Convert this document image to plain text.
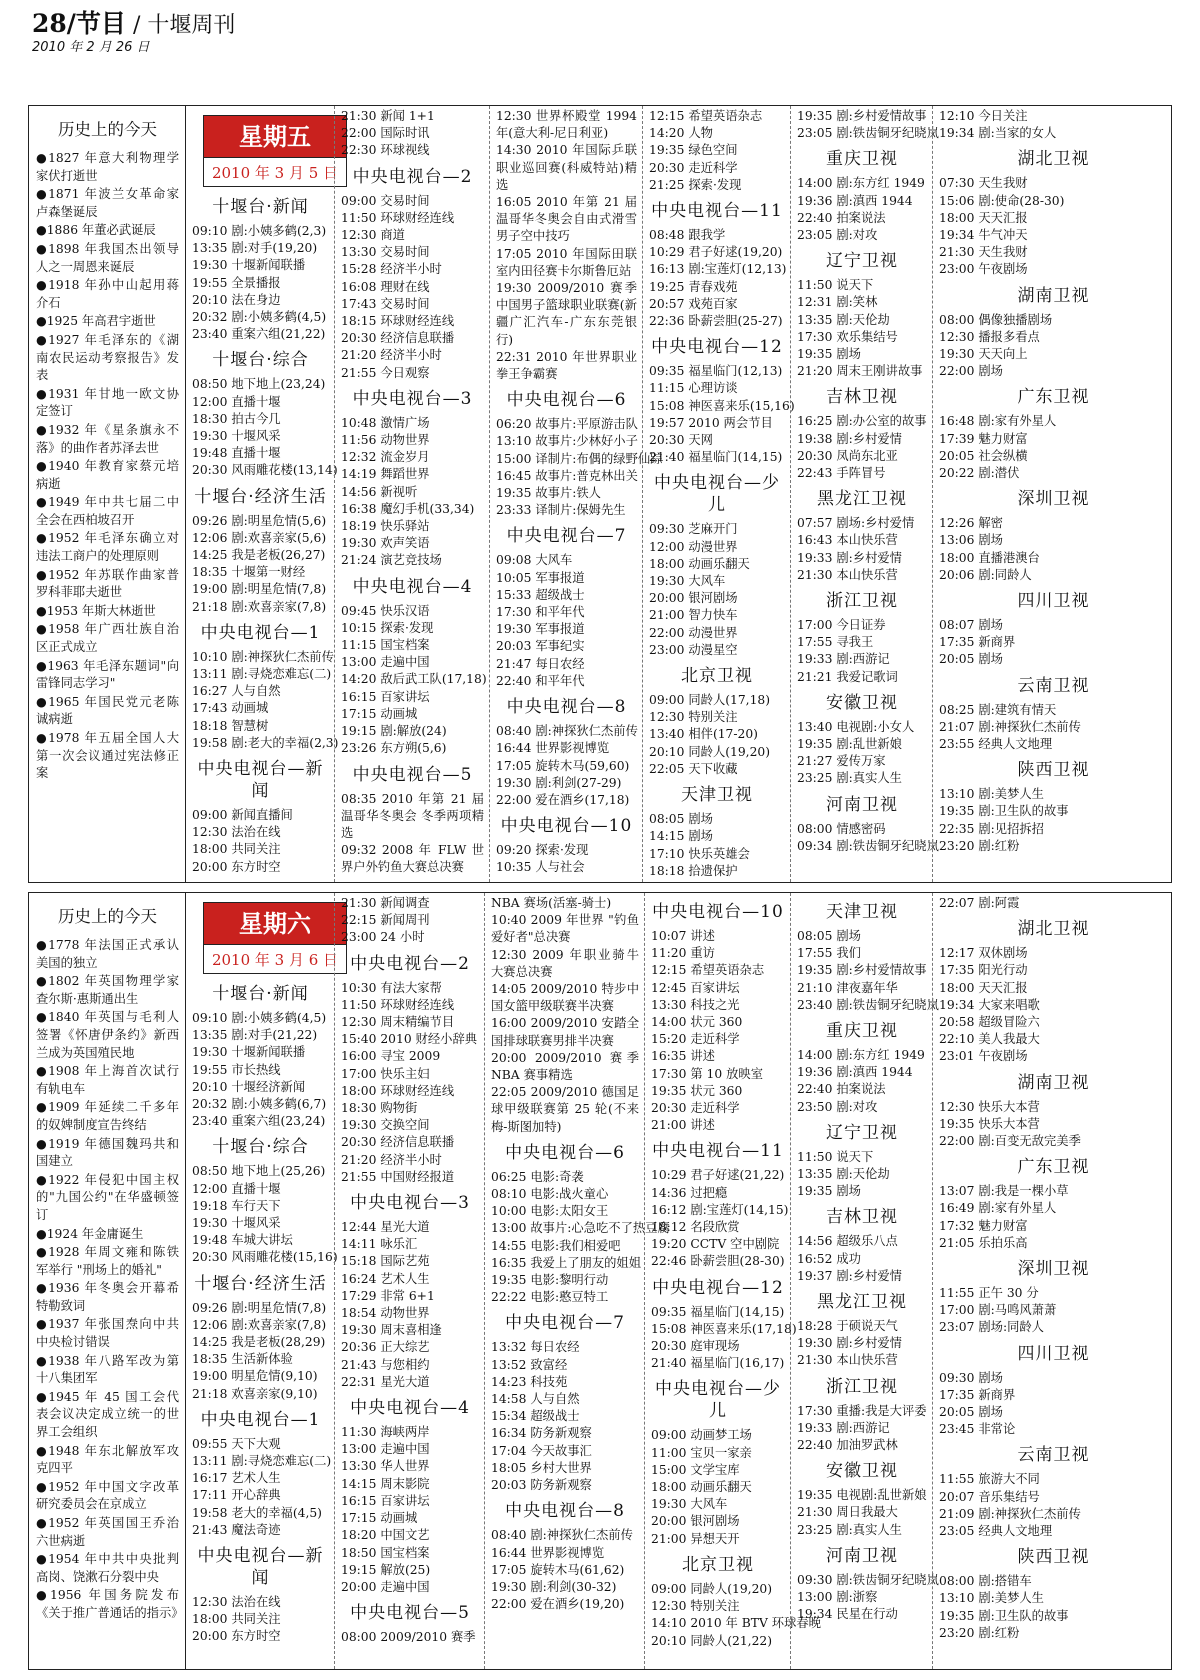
28/节目 / 十堰周刊
2010 年 2 月 26 日
历史上的今天
●1827 年意大利物理学家伏打逝世
●1871 年波兰女革命家卢森堡诞辰
●1886 年董必武诞辰
●1898 年我国杰出领导人之一周恩来诞辰
●1918 年孙中山起用蒋介石
●1925 年高君宇逝世
●1927 年毛泽东的《湖南农民运动考察报告》发表
●1931 年甘地一欧文协定签订
●1932 年《星条旗永不落》的曲作者苏泽去世
●1940 年教育家蔡元培病逝
●1949 年中共七届二中全会在西柏坡召开
●1952 年毛泽东确立对违法工商户的处理原则
●1952 年苏联作曲家普罗科菲耶夫逝世
●1953 年斯大林逝世
●1958 年广西壮族自治区正式成立
●1963 年毛泽东题词"向雷锋同志学习"
●1965 年国民党元老陈诚病逝
●1978 年五届全国人大第一次会议通过宪法修正案
星期五
2010 年 3 月 5 日
十堰台·新闻
09:10 剧:小姨多鹤(2,3)
13:35 剧:对手(19,20)
19:30 十堰新闻联播
19:55 全景播报
20:10 法在身边
20:32 剧:小姨多鹤(4,5)
23:40 重案六组(21,22)
十堰台·综合
08:50 地下地上(23,24)
12:00 直播十堰
18:30 拍古今几
19:30 十堰风采
19:48 直播十堰
20:30 风雨雕花楼(13,14)
十堰台·经济生活
09:26 剧:明星危情(5,6)
12:06 剧:欢喜亲家(5,6)
14:25 我是老板(26,27)
18:35 十堰第一财经
19:00 剧:明星危情(7,8)
21:18 剧:欢喜亲家(7,8)
中央电视台—1
10:10 剧:神探狄仁杰前传
13:11 剧:寻烧恋难忘(二)
16:27 人与自然
17:43 动画城
18:18 智慧树
19:58 剧:老大的幸福(2,3)
中央电视台—新闻
09:00 新闻直播间
12:30 法治在线
18:00 共同关注
20:00 东方时空
21:30 新闻 1+1
22:00 国际时讯
22:30 环球视线
中央电视台—2
09:00 交易时间
11:50 环球财经连线
12:30 商道
13:30 交易时间
15:28 经济半小时
16:08 理财在线
17:43 交易时间
18:15 环球财经连线
20:30 经济信息联播
21:20 经济半小时
21:55 今日观察
中央电视台—3
10:48 激情广场
11:56 动物世界
12:32 流金岁月
14:19 舞蹈世界
14:56 新视听
16:38 魔幻手机(33,34)
18:19 快乐驿站
19:30 欢声笑语
21:24 演艺竞技场
中央电视台—4
09:45 快乐汉语
10:15 探索·发现
11:15 国宝档案
13:00 走遍中国
14:20 敌后武工队(17,18)
16:15 百家讲坛
17:15 动画城
19:15 剧:解放(24)
23:26 东方朔(5,6)
中央电视台—5

08:35 2010 年第 21 届温哥华冬奥会 冬季两项精选

09:32 2008 年 FLW 世界户外钓鱼大赛总决赛

12:30 世界杯殿堂 1994 年(意大利-尼日利亚)

14:30 2010 年国际乒联职业巡回赛(科威特站)精选

16:05 2010 年第 21 届温哥华冬奥会自由式滑雪男子空中技巧

17:05 2010 年国际田联室内田径赛卡尔斯鲁厄站

19:30 2009/2010 赛季中国男子篮球职业联赛(新疆广汇汽车-广东东莞银行)

22:31 2010 年世界职业拳王争霸赛

中央电视台—6
06:20 故事片:平原游击队
13:10 故事片:少林好小子
15:00 译制片:布偶的绿野仙踪
16:45 故事片:普克林出关
19:35 故事片:铁人
23:33 译制片:保姆先生
中央电视台—7
09:08 大风车
10:05 军事报道
15:33 超级战士
17:30 和平年代
19:30 军事报道
20:03 军事纪实
21:47 每日农经
22:40 和平年代
中央电视台—8
08:40 剧:神探狄仁杰前传
16:44 世界影视博览
17:05 旋转木马(59,60)
19:30 剧:利剑(27-29)
22:00 爱在酒乡(17,18)
中央电视台—10
09:20 探索·发现
10:35 人与社会
12:15 希望英语杂志
14:20 人物
19:35 绿色空间
20:30 走近科学
21:25 探索·发现
中央电视台—11
08:48 跟我学
10:29 君子好逑(19,20)
16:13 剧:宝莲灯(12,13)
19:25 青春戏苑
20:57 戏苑百家
22:36 卧薪尝胆(25-27)
中央电视台—12
09:35 福星临门(12,13)
11:15 心理访谈
15:08 神医喜来乐(15,16)
19:57 2010 两会节目
20:30 天网
21:40 福星临门(14,15)
中央电视台—少儿
09:30 芝麻开门
12:00 动漫世界
18:00 动画乐翻天
19:30 大风车
20:00 银河剧场
21:00 智力快车
22:00 动漫世界
23:00 动漫星空
北京卫视
09:00 同龄人(17,18)
12:30 特别关注
13:40 相伴(17-20)
20:10 同龄人(19,20)
22:05 天下收藏
天津卫视
08:05 剧场
14:15 剧场
17:10 快乐英雄会
18:18 拾遗保护
19:35 剧:乡村爱情故事
23:05 剧:铁齿铜牙纪晓岚
重庆卫视
14:00 剧:东方红 1949
19:36 剧:滇西 1944
22:40 拍案说法
23:05 剧:对攻
辽宁卫视
11:50 说天下
12:31 剧:笑林
13:35 剧:天伦劫
17:30 欢乐集结号
19:35 剧场
21:20 周末王刚讲故事
吉林卫视
16:25 剧:办公室的故事
19:38 剧:乡村爱情
20:30 凤尚东北亚
22:43 手阵冒号
黑龙江卫视
07:57 剧场:乡村爱情
16:43 本山快乐营
19:33 剧:乡村爱情
21:30 本山快乐营
浙江卫视
17:00 今日证券
17:55 寻我王
19:33 剧:西游记
21:21 我爱记歌词
安徽卫视
13:40 电视剧:小女人
19:35 剧:乱世新娘
21:27 爱传万家
23:25 剧:真实人生
河南卫视
08:00 情感密码
09:34 剧:铁齿铜牙纪晓岚
12:10 今日关注
19:34 剧:当家的女人
湖北卫视
07:30 天生我财
15:06 剧:使命(28-30)
18:00 天天汇报
19:34 牛气冲天
21:30 天生我财
23:00 午夜剧场
湖南卫视
08:00 偶像独播剧场
12:30 播报多看点
19:30 天天向上
22:00 剧场
广东卫视
16:48 剧:家有外星人
17:39 魅力财富
20:05 社会纵横
20:22 剧:潜伏
深圳卫视
12:26 解密
13:06 剧场
18:00 直播港澳台
20:06 剧:同龄人
四川卫视
08:07 剧场
17:35 新商界
20:05 剧场
云南卫视
08:25 剧:建筑有情天
21:07 剧:神探狄仁杰前传
23:55 经典人文地理
陕西卫视
13:10 剧:美梦人生
19:35 剧:卫生队的故事
22:35 剧:见招拆招
23:20 剧:红粉
历史上的今天
●1778 年法国正式承认美国的独立
●1802 年英国物理学家查尔斯·惠斯通出生
●1840 年英国与毛利人签署《怀唐伊条约》新西兰成为英国殖民地
●1908 年上海首次试行有轨电车
●1909 年延续二千多年的奴婢制度宣告终结
●1919 年德国魏玛共和国建立
●1922 年侵犯中国主权的"九国公约"在华盛顿签订
●1924 年金庸诞生
●1928 年周文雍和陈铁军举行 "刑场上的婚礼"
●1936 年冬奥会开幕希特勒致词
●1937 年张国焘向中共中央检讨错误
●1938 年八路军改为第十八集团军
●1945 年 45 国工会代表会议决定成立统一的世界工会组织
●1948 年东北解放军攻克四平
●1952 年中国文字改革研究委员会在京成立
●1952 年英国国王乔治六世病逝
●1954 年中共中央批判高岗、饶漱石分裂中央
●1956 年国务院发布《关于推广普通话的指示》
星期六
2010 年 3 月 6 日
十堰台·新闻
09:10 剧:小姨多鹤(4,5)
13:35 剧:对手(21,22)
19:30 十堰新闻联播
19:55 市长热线
20:10 十堰经济新闻
20:32 剧:小姨多鹤(6,7)
23:40 重案六组(23,24)
十堰台·综合
08:50 地下地上(25,26)
12:00 直播十堰
19:18 车行天下
19:30 十堰风采
19:48 车城大讲坛
20:30 风雨雕花楼(15,16)
十堰台·经济生活
09:26 剧:明星危情(7,8)
12:06 剧:欢喜亲家(7,8)
14:25 我是老板(28,29)
18:35 生活新体验
19:00 明星危情(9,10)
21:18 欢喜亲家(9,10)
中央电视台—1
09:55 天下大观
13:11 剧:寻烧恋难忘(二)
16:17 艺术人生
17:11 开心辞典
19:58 老大的幸福(4,5)
21:43 魔法奇迹
中央电视台—新闻
12:30 法治在线
18:00 共同关注
20:00 东方时空
21:30 新闻调查
22:15 新闻周刊
23:00 24 小时
中央电视台—2
10:30 有法大家帮
11:50 环球财经连线
12:30 周末精编节目
15:40 2010 财经小辞典
16:00 寻宝 2009
17:00 快乐主妇
18:00 环球财经连线
18:30 购物街
19:30 交换空间
20:30 经济信息联播
21:20 经济半小时
21:55 中国财经报道
中央电视台—3
12:44 星光大道
14:11 咏乐汇
15:18 国际艺苑
16:24 艺术人生
17:29 非常 6+1
18:54 动物世界
19:30 周末喜相逢
20:36 正大综艺
21:43 与您相约
22:31 星光大道
中央电视台—4
11:30 海峡两岸
13:00 走遍中国
13:30 华人世界
14:15 周末影院
16:15 百家讲坛
17:15 动画城
18:20 中国文艺
18:50 国宝档案
19:15 解放(25)
20:00 走遍中国
中央电视台—5
08:00 2009/2010 赛季

NBA 赛场(活塞-骑士)

10:40 2009 年世界 "钓鱼爱好者"总决赛

12:30 2009 年职业骑牛大赛总决赛

14:05 2009/2010 特步中国女篮甲级联赛半决赛

16:00 2009/2010 安踏全国排球联赛男排半决赛

20:00 2009/2010 赛季 NBA 赛事精选

22:05 2009/2010 德国足球甲级联赛第 25 轮(不来梅-斯图加特)

中央电视台—6
06:25 电影:奇袭
08:10 电影:战火童心
10:00 电影:太阳女王
13:00 故事片:心急吃不了热豆腐
14:55 电影:我们相爱吧
16:35 我爱上了朋友的姐姐
19:35 电影:黎明行动
22:22 电影:憨豆特工
中央电视台—7
13:32 每日农经
13:52 致富经
14:23 科技苑
14:58 人与自然
15:34 超级战士
16:34 防务新观察
17:04 今天故事汇
18:05 乡村大世界
20:03 防务新观察
中央电视台—8
08:40 剧:神探狄仁杰前传
16:44 世界影视博览
17:05 旋转木马(61,62)
19:30 剧:利剑(30-32)
22:00 爱在酒乡(19,20)
中央电视台—10
10:07 讲述
11:20 重访
12:15 希望英语杂志
12:45 百家讲坛
13:30 科技之光
14:00 状元 360
15:20 走近科学
16:35 讲述
17:30 第 10 放映室
19:35 状元 360
20:30 走近科学
21:00 讲述
中央电视台—11
10:29 君子好逑(21,22)
14:36 过把瘾
16:12 剧:宝莲灯(14,15)
18:12 名段欣赏
19:20 CCTV 空中剧院
22:46 卧薪尝胆(28-30)
中央电视台—12
09:35 福星临门(14,15)
15:08 神医喜来乐(17,18)
20:30 庭审现场
21:40 福星临门(16,17)
中央电视台—少儿
09:00 动画梦工场
11:00 宝贝一家亲
15:00 文学宝库
18:00 动画乐翻天
19:30 大风车
20:00 银河剧场
21:00 异想天开
北京卫视
09:00 同龄人(19,20)
12:30 特别关注
14:10 2010 年 BTV 环球春晚
20:10 同龄人(21,22)
天津卫视
08:05 剧场
17:55 我们
19:35 剧:乡村爱情故事
21:10 津夜嘉年华
23:40 剧:铁齿铜牙纪晓岚
重庆卫视
14:00 剧:东方红 1949
19:36 剧:滇西 1944
22:40 拍案说法
23:50 剧:对攻
辽宁卫视
11:50 说天下
13:35 剧:天伦劫
19:35 剧场
吉林卫视
14:56 超级乐八点
16:52 成功
19:37 剧:乡村爱情
黑龙江卫视
18:28 于硕说天气
19:30 剧:乡村爱情
21:30 本山快乐营
浙江卫视
17:30 重播:我是大评委
19:33 剧:西游记
22:40 加油罗武林
安徽卫视
19:35 电视剧:乱世新娘
21:30 周日我最大
23:25 剧:真实人生
河南卫视
09:30 剧:铁齿铜牙纪晓岚
13:00 剧:浙察
19:34 民星在行动
22:07 剧:阿霞
湖北卫视
12:17 双休剧场
17:35 阳光行动
18:00 天天汇报
19:34 大家来唱歌
20:58 超级冒险六
22:10 美人我最大
23:01 午夜剧场
湖南卫视
12:30 快乐大本营
19:35 快乐大本营
22:00 剧:百变无敌完美季
广东卫视
13:07 剧:我是一棵小草
16:49 剧:家有外星人
17:32 魅力财富
21:05 乐拍乐高
深圳卫视
11:55 正午 30 分
17:00 剧:马鸣风萧萧
23:07 剧场:同龄人
四川卫视
09:30 剧场
17:35 新商界
20:05 剧场
23:45 非常论
云南卫视
11:55 旅游大不同
20:07 音乐集结号
21:09 剧:神探狄仁杰前传
23:05 经典人文地理
陕西卫视
08:00 剧:搭错车
13:10 剧:美梦人生
19:35 剧:卫生队的故事
23:20 剧:红粉
